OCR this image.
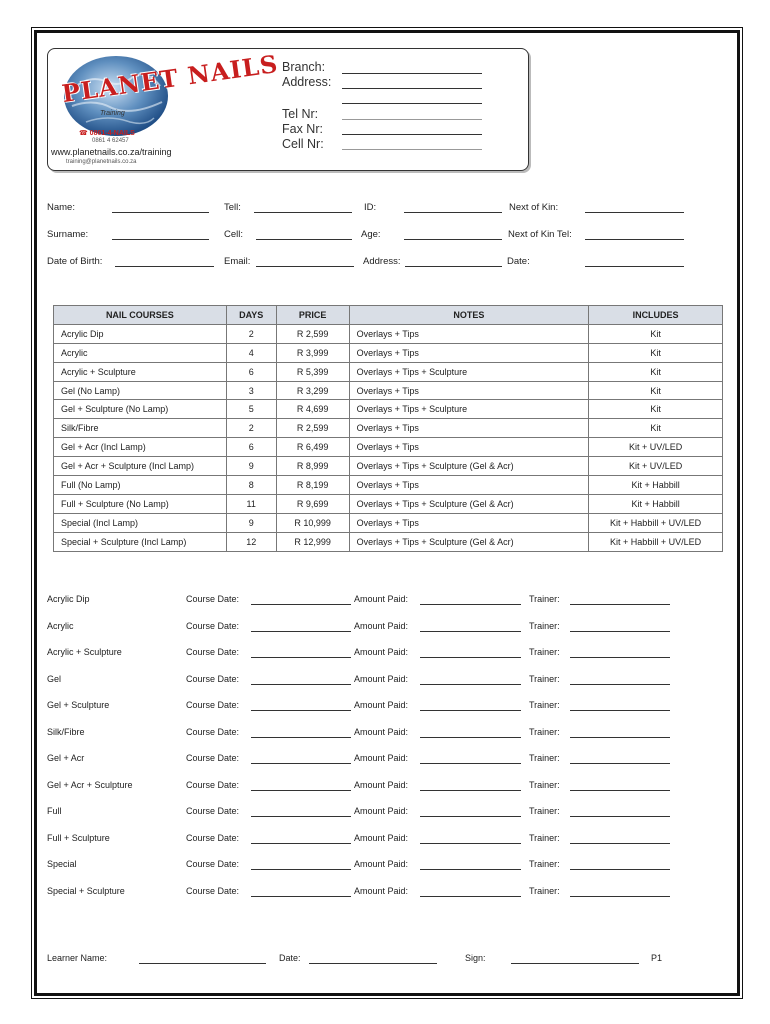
PLANET NAILS
Training
☎ 0861-4-NAILS
0861 4 62457
www.planetnails.co.za/training
training@planetnails.co.za
Branch:
Address:
Tel Nr:
Fax Nr:
Cell Nr:
Name:	Tell:	ID:	Next of Kin:
Surname:	Cell:	Age:	Next of Kin Tel:
Date of Birth:	Email:	Address:	Date:
NAIL COURSES	DAYS	PRICE	NOTES	INCLUDES
Acrylic Dip	2	R 2,599	Overlays + Tips	Kit
Acrylic	4	R 3,999	Overlays + Tips	Kit
Acrylic + Sculpture	6	R 5,399	Overlays + Tips + Sculpture	Kit
Gel (No Lamp)	3	R 3,299	Overlays + Tips	Kit
Gel + Sculpture (No Lamp)	5	R 4,699	Overlays + Tips + Sculpture	Kit
Silk/Fibre	2	R 2,599	Overlays + Tips	Kit
Gel + Acr (Incl Lamp)	6	R 6,499	Overlays + Tips	Kit + UV/LED
Gel + Acr + Sculpture (Incl Lamp)	9	R 8,999	Overlays + Tips + Sculpture (Gel & Acr)	Kit + UV/LED
Full (No Lamp)	8	R 8,199	Overlays + Tips	Kit + Habbill
Full + Sculpture (No Lamp)	11	R 9,699	Overlays + Tips + Sculpture (Gel & Acr)	Kit + Habbill
Special (Incl Lamp)	9	R 10,999	Overlays + Tips	Kit + Habbill + UV/LED
Special + Sculpture (Incl Lamp)	12	R 12,999	Overlays + Tips + Sculpture (Gel & Acr)	Kit + Habbill + UV/LED
Acrylic Dip	Course Date:	Amount Paid:	Trainer:
Acrylic	Course Date:	Amount Paid:	Trainer:
Acrylic + Sculpture	Course Date:	Amount Paid:	Trainer:
Gel	Course Date:	Amount Paid:	Trainer:
Gel + Sculpture	Course Date:	Amount Paid:	Trainer:
Silk/Fibre	Course Date:	Amount Paid:	Trainer:
Gel + Acr	Course Date:	Amount Paid:	Trainer:
Gel + Acr + Sculpture	Course Date:	Amount Paid:	Trainer:
Full	Course Date:	Amount Paid:	Trainer:
Full + Sculpture	Course Date:	Amount Paid:	Trainer:
Special	Course Date:	Amount Paid:	Trainer:
Special + Sculpture	Course Date:	Amount Paid:	Trainer:
Learner Name:	Date:	Sign:	P1
